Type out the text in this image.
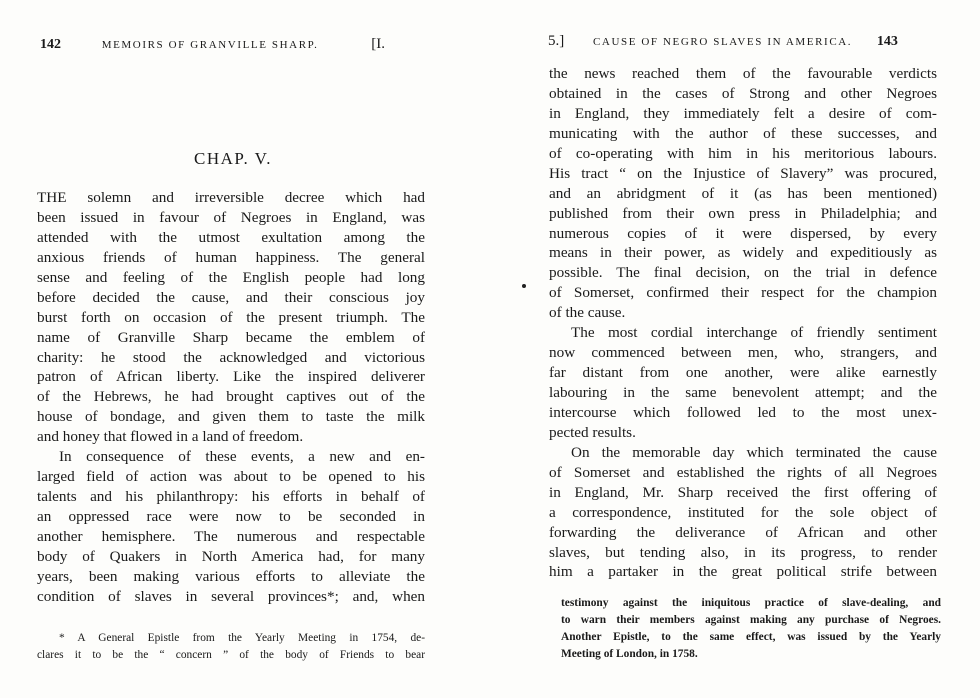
142	MEMOIRS OF GRANVILLE SHARP.	[I.
CHAP. V.
THE solemn and irreversible decree which had
been issued in favour of Negroes in England, was
attended with the utmost exultation among the
anxious friends of human happiness. The general
sense and feeling of the English people had long
before decided the cause, and their conscious joy
burst forth on occasion of the present triumph. The
name of Granville Sharp became the emblem of
charity: he stood the acknowledged and victorious
patron of African liberty. Like the inspired deliverer
of the Hebrews, he had brought captives out of the
house of bondage, and given them to taste the milk
and honey that flowed in a land of freedom.
In consequence of these events, a new and en-
larged field of action was about to be opened to his
talents and his philanthropy: his efforts in behalf of
an oppressed race were now to be seconded in
another hemisphere. The numerous and respectable
body of Quakers in North America had, for many
years, been making various efforts to alleviate the
condition of slaves in several provinces*; and, when
* A General Epistle from the Yearly Meeting in 1754, de-
clares it to be the “ concern ” of the body of Friends to bear
5.]	CAUSE OF NEGRO SLAVES IN AMERICA. 143
the news reached them of the favourable verdicts
obtained in the cases of Strong and other Negroes
in England, they immediately felt a desire of com-
municating with the author of these successes, and
of co-operating with him in his meritorious labours.
His tract “ on the Injustice of Slavery” was procured,
and an abridgment of it (as has been mentioned)
published from their own press in Philadelphia; and
numerous copies of it were dispersed, by every
means in their power, as widely and expeditiously as
possible. The final decision, on the trial in defence
of Somerset, confirmed their respect for the champion
of the cause.
The most cordial interchange of friendly sentiment
now commenced between men, who, strangers, and
far distant from one another, were alike earnestly
labouring in the same benevolent attempt; and the
intercourse which followed led to the most unex-
pected results.
On the memorable day which terminated the cause
of Somerset and established the rights of all Negroes
in England, Mr. Sharp received the first offering of
a correspondence, instituted for the sole object of
forwarding the deliverance of African and other
slaves, but tending also, in its progress, to render
him a partaker in the great political strife between
testimony against the iniquitous practice of slave-dealing, and
to warn their members against making any purchase of Negroes.
Another Epistle, to the same effect, was issued by the Yearly
Meeting of London, in 1758.
